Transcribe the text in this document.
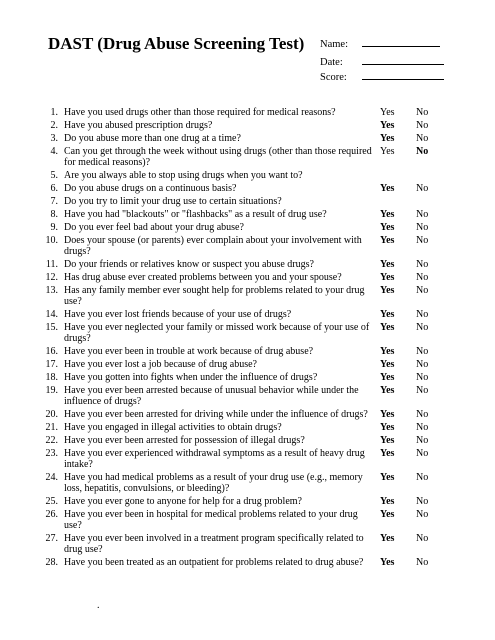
DAST (Drug Abuse Screening Test) Name:
Date:
Score:
1. Have you used drugs other than those required for medical reasons?	Yes No
2. Have you abused prescription drugs?	Yes No
3. Do you abuse more than one drug at a time?	Yes No
4. Can you get through the week without using drugs (other than those required for medical reasons)?
Yes No
5. Are you always able to stop using drugs when you want to?
6. Do you abuse drugs on a continuous basis?	Yes No
7. Do you try to limit your drug use to certain situations?
8. Have you had "blackouts" or "flashbacks" as a result of drug use?	Yes No
9. Do you ever feel bad about your drug abuse?	Yes No
10. Does your spouse (or parents) ever complain about your involvement with drugs?
Yes No
11. Do your friends or relatives know or suspect you abuse drugs?	Yes No
12. Has drug abuse ever created problems between you and your spouse?	Yes No
13. Has any family member ever sought help for problems related to your drug use?
Yes No
14. Have you ever lost friends because of your use of drugs?	Yes No
15. Have you ever neglected your family or missed work because of your use of drugs?
Yes No
16. Have you ever been in trouble at work because of drug abuse?	Yes No
17. Have you ever lost a job because of drug abuse?	Yes No
18. Have you gotten into fights when under the influence of drugs?	Yes No
19. Have you ever been arrested because of unusual behavior while under the influence of drugs?
Yes No
20. Have you ever been arrested for driving while under the influence of drugs?	Yes No
21. Have you engaged in illegal activities to obtain drugs?	Yes No
22. Have you ever been arrested for possession of illegal drugs?	Yes No
23. Have you ever experienced withdrawal symptoms as a result of heavy drug intake?
Yes No
24. Have you had medical problems as a result of your drug use (e.g., memory loss, hepatitis, convulsions, or bleeding)?
Yes No
25. Have you ever gone to anyone for help for a drug problem?	Yes No
26. Have you ever been in hospital for medical problems related to your drug use?
Yes No
27. Have you ever been involved in a treatment program specifically related to drug use?
Yes No
28. Have you been treated as an outpatient for problems related to drug abuse?	Yes No
.
